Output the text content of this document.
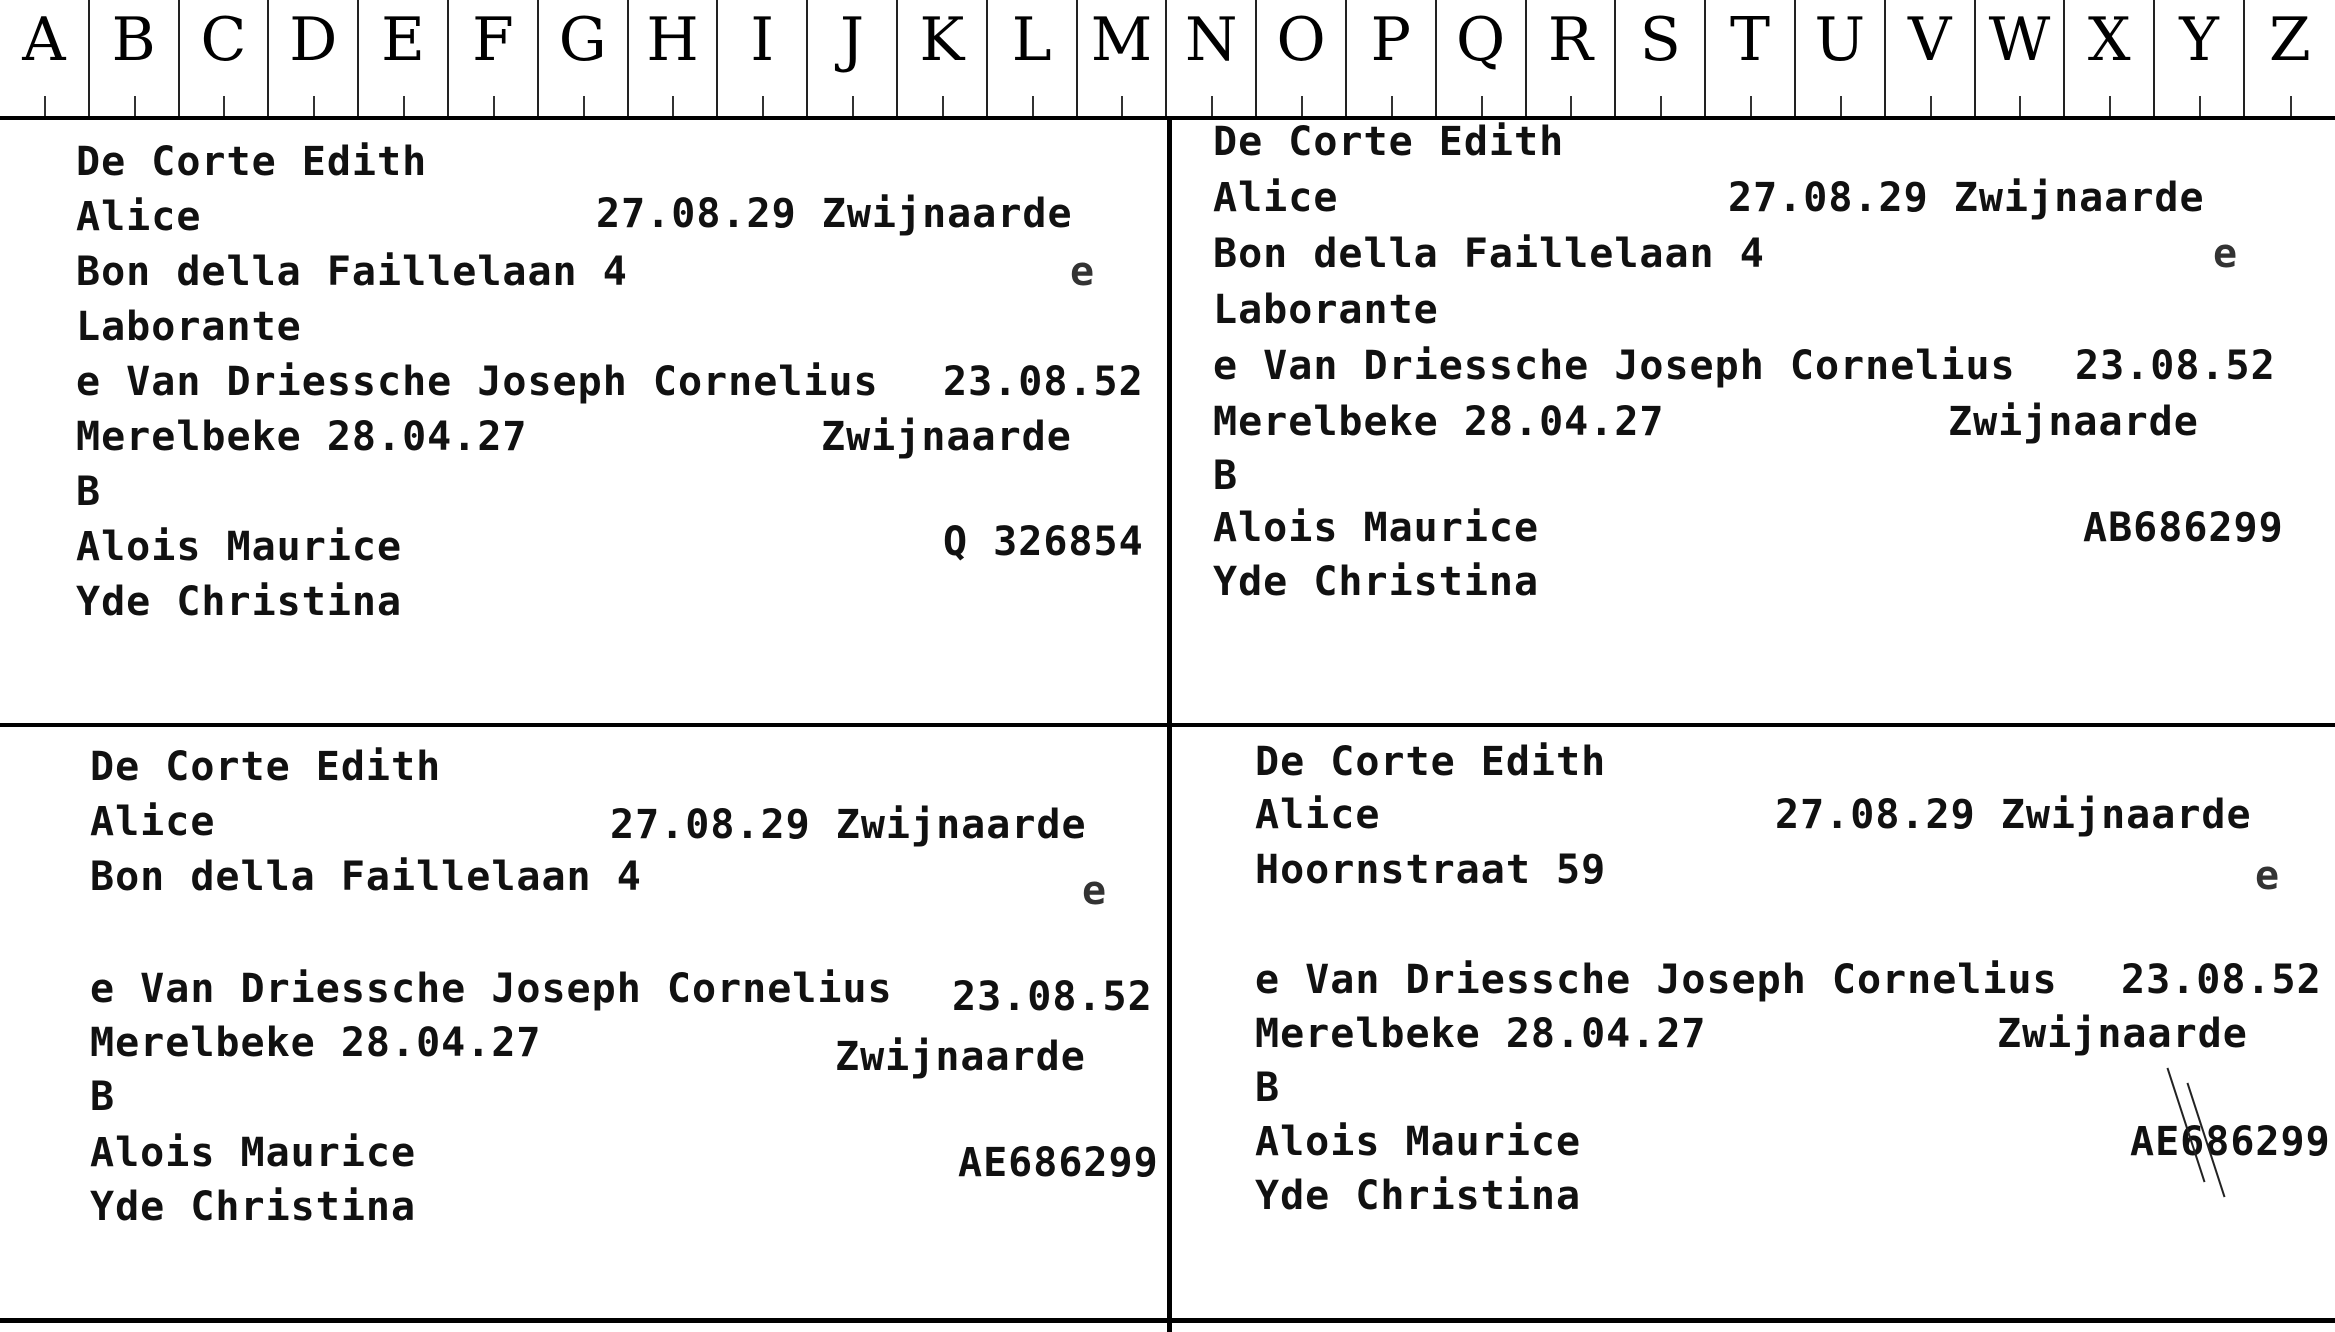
A B C D E F G H I	J K L M N O P Q R S T U V W X Y Z
De Corte Edith
Alice	27.08.29 Zwijnaarde
Bon della Faillelaan 4	e
Laborante
e Van Driessche Joseph Cornelius 23.08.52
Merelbeke 28.04.27	Zwijnaarde
B
Alois Maurice	Q 326854
Yde Christina
De Corte Edith
Alice	27.08.29 Zwijnaarde
Bon della Faillelaan 4	e
Laborante
e Van Driessche Joseph Cornelius 23.08.52
Merelbeke 28.04.27	Zwijnaarde
B
Alois Maurice	AB686299
Yde Christina
De Corte Edith
Alice	27.08.29 Zwijnaarde
Bon della Faillelaan 4	e
e Van Driessche Joseph Cornelius 23.08.52
Merelbeke 28.04.27	Zwijnaarde
B
Alois Maurice	AE686299
Yde Christina
De Corte Edith
Alice	27.08.29 Zwijnaarde
Hoornstraat 59	e
e Van Driessche Joseph Cornelius 23.08.52
Merelbeke 28.04.27	Zwijnaarde
B
Alois Maurice	AE686299
Yde Christina
